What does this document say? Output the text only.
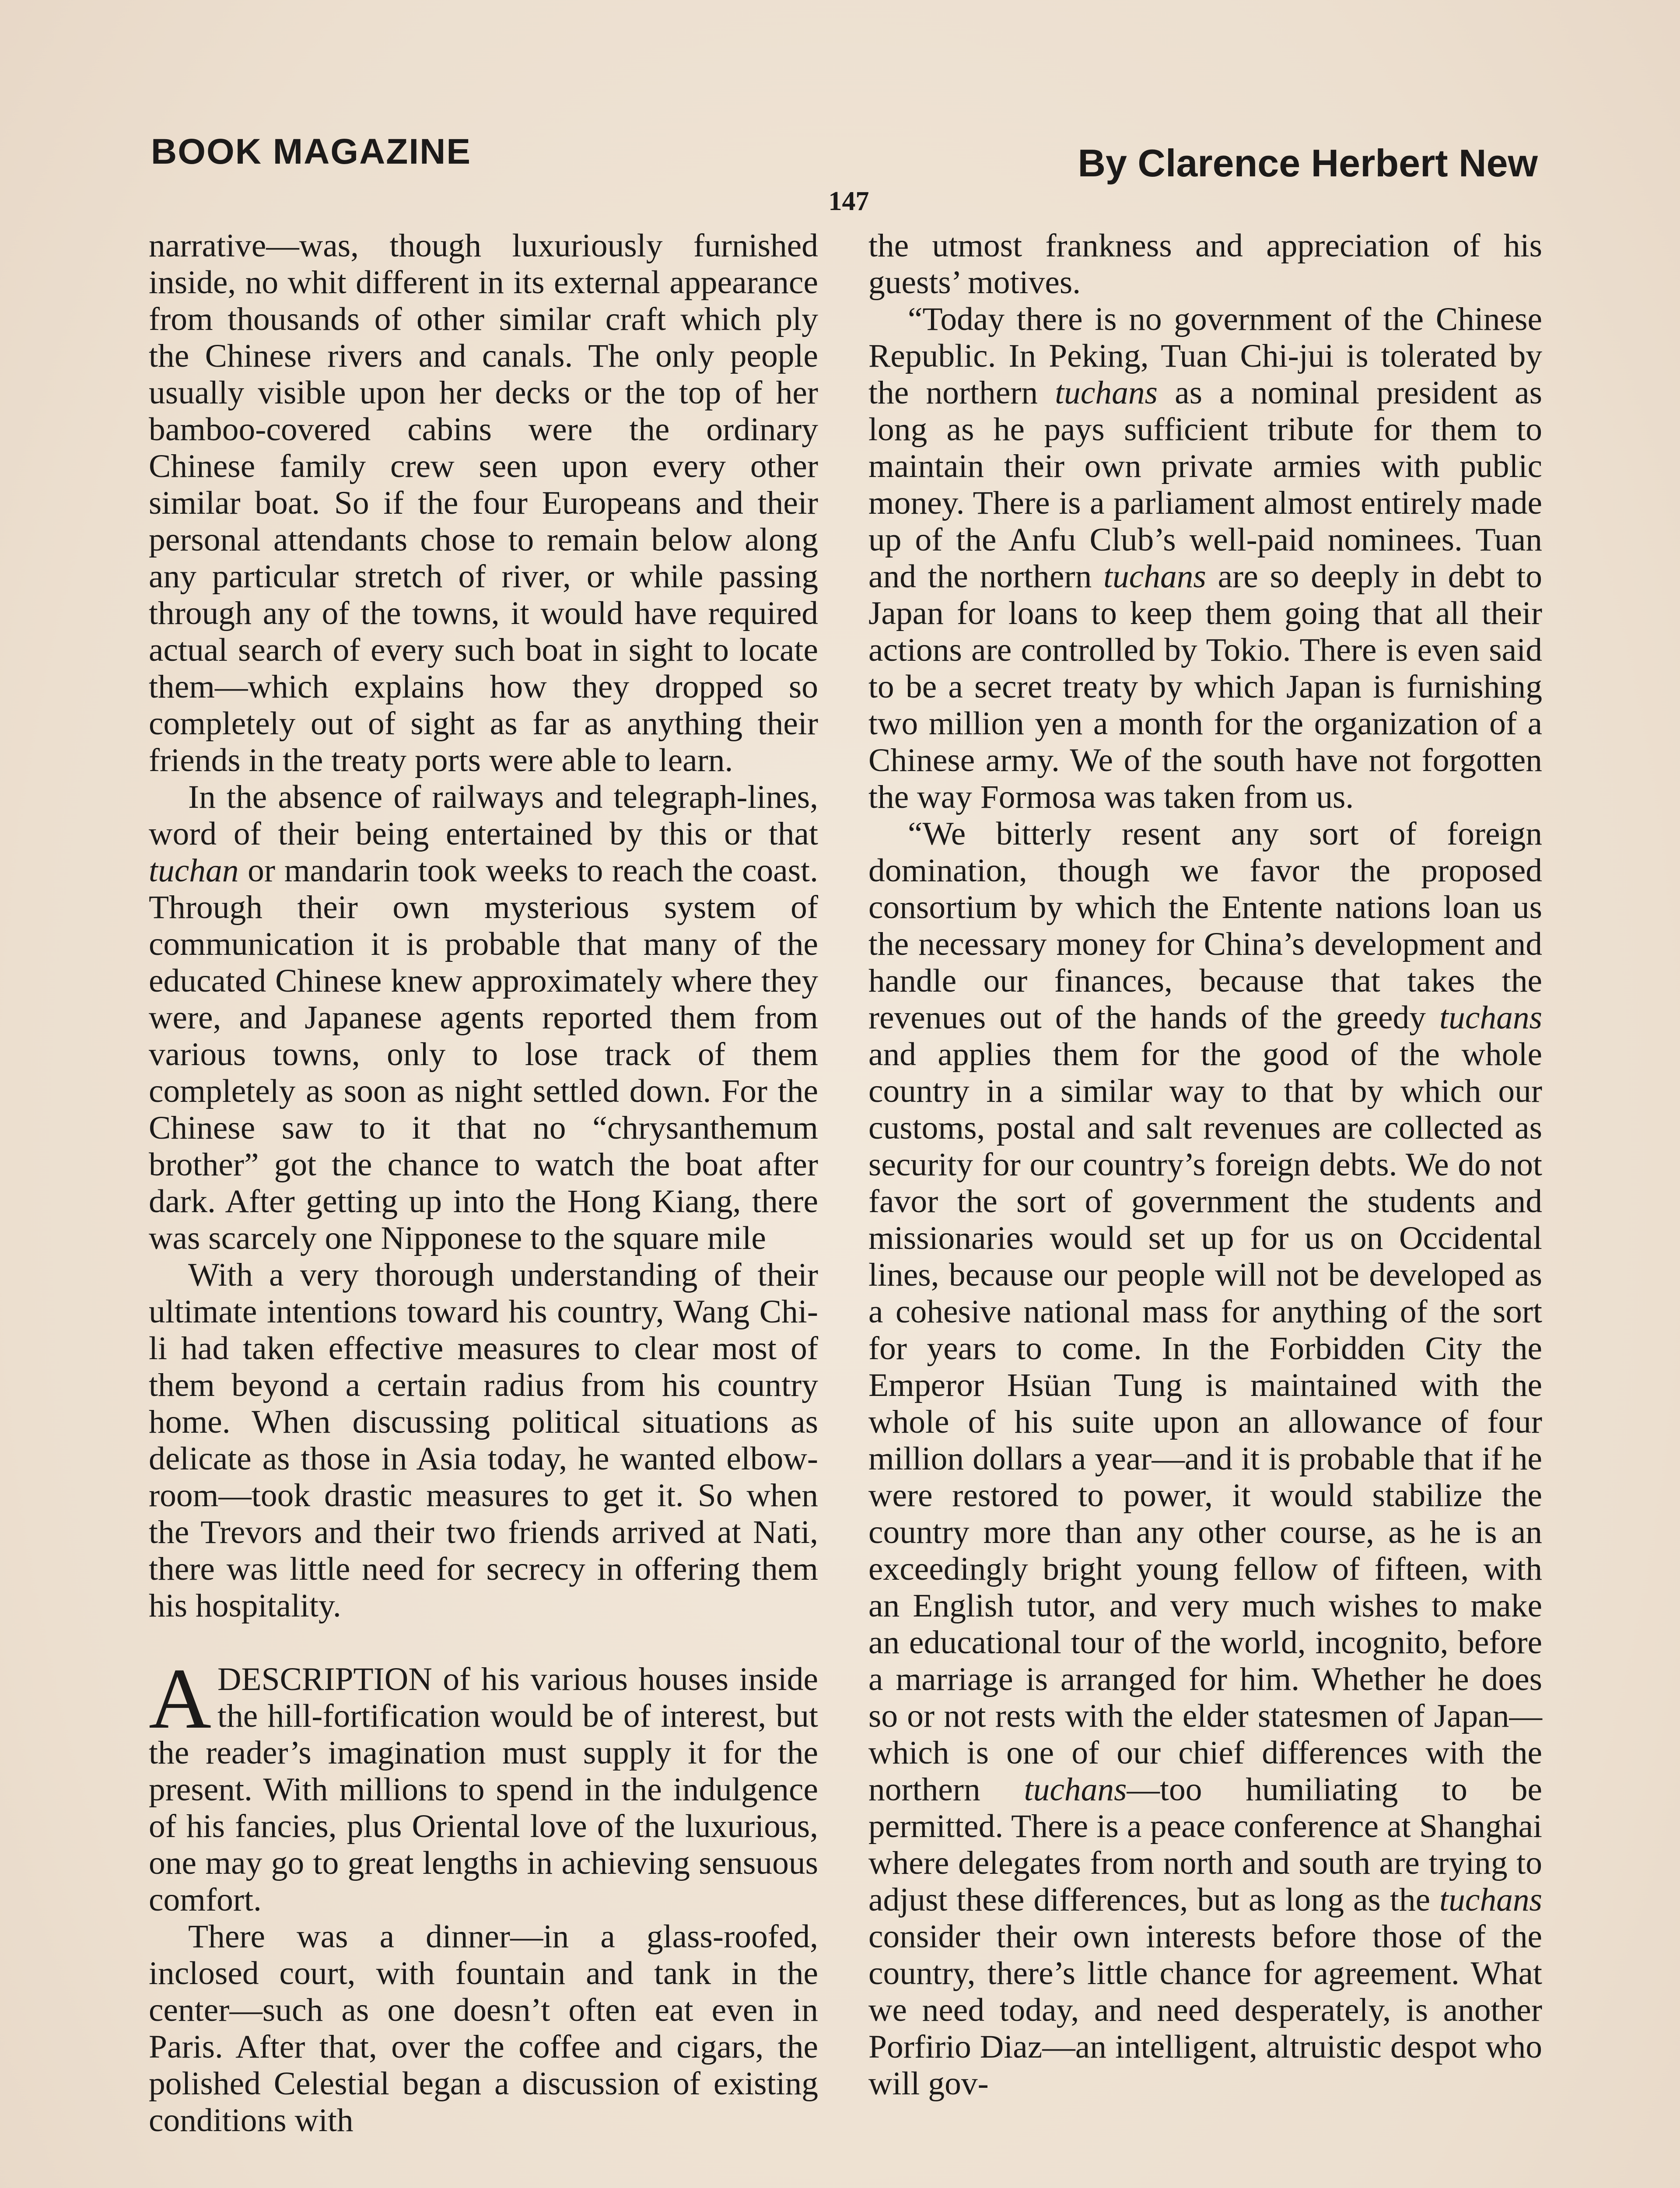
BOOK MAGAZINE	By Clarence Herbert New
147

narrative—was, though luxuriously furnished inside, no whit different in its external appearance from thousands of other similar craft which ply the Chinese rivers and canals. The only people usually visible upon her decks or the top of her bamboo-covered cabins were the ordinary Chinese family crew seen upon every other similar boat. So if the four Europeans and their personal attendants chose to remain below along any particular stretch of river, or while passing through any of the towns, it would have required actual search of every such boat in sight to locate them—which explains how they dropped so completely out of sight as far as anything their friends in the treaty ports were able to learn.

In the absence of railways and telegraph-lines, word of their being entertained by this or that tuchan or mandarin took weeks to reach the coast. Through their own mysterious system of communication it is probable that many of the educated Chinese knew approximately where they were, and Japanese agents reported them from various towns, only to lose track of them completely as soon as night settled down. For the Chinese saw to it that no “chrysanthemum brother” got the chance to watch the boat after dark. After getting up into the Hong Kiang, there was scarcely one Nipponese to the square mile

With a very thorough understanding of their ultimate intentions toward his country, Wang Chi-li had taken effective measures to clear most of them beyond a certain radius from his country home. When discussing political situations as delicate as those in Asia today, he wanted elbow-room—took drastic measures to get it. So when the Trevors and their two friends arrived at Nati, there was little need for secrecy in offering them his hospitality.

ADESCRIPTION of his various houses inside the hill-fortification would be of interest, but the reader’s imagination must supply it for the present. With millions to spend in the indulgence of his fancies, plus Oriental love of the luxurious, one may go to great lengths in achieving sensuous comfort.

There was a dinner—in a glass-roofed, inclosed court, with fountain and tank in the center—such as one doesn’t often eat even in Paris. After that, over the coffee and cigars, the polished Celestial began a discussion of existing conditions with

the utmost frankness and appreciation of his guests’ motives.

“Today there is no government of the Chinese Republic. In Peking, Tuan Chi-jui is tolerated by the northern tuchans as a nominal president as long as he pays sufficient tribute for them to maintain their own private armies with public money. There is a parliament almost entirely made up of the Anfu Club’s well-paid nominees. Tuan and the northern tuchans are so deeply in debt to Japan for loans to keep them going that all their actions are controlled by Tokio. There is even said to be a secret treaty by which Japan is furnishing two million yen a month for the organization of a Chinese army. We of the south have not forgotten the way Formosa was taken from us.

“We bitterly resent any sort of foreign domination, though we favor the proposed consortium by which the Entente nations loan us the necessary money for China’s development and handle our finances, because that takes the revenues out of the hands of the greedy tuchans and applies them for the good of the whole country in a similar way to that by which our customs, postal and salt revenues are collected as security for our country’s foreign debts. We do not favor the sort of government the students and missionaries would set up for us on Occidental lines, because our people will not be developed as a cohesive national mass for anything of the sort for years to come. In the Forbidden City the Emperor Hsüan Tung is maintained with the whole of his suite upon an allowance of four million dollars a year—and it is probable that if he were restored to power, it would stabilize the country more than any other course, as he is an exceedingly bright young fellow of fifteen, with an English tutor, and very much wishes to make an educational tour of the world, incognito, before a marriage is arranged for him. Whether he does so or not rests with the elder statesmen of Japan—which is one of our chief differences with the northern tuchans—too humiliating to be permitted. There is a peace conference at Shanghai where delegates from north and south are trying to adjust these differences, but as long as the tuchans consider their own interests before those of the country, there’s little chance for agreement. What we need today, and need desperately, is another Porfirio Diaz—an intelligent, altruistic despot who will gov-
